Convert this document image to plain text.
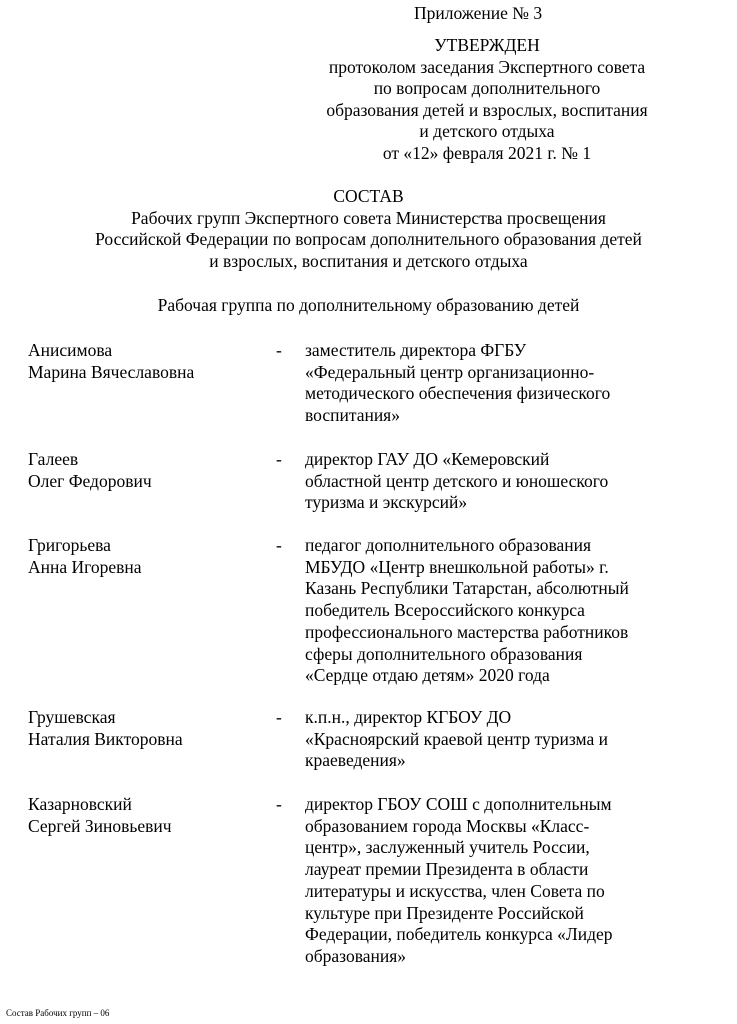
Приложение № 3
УТВЕРЖДЕН
протоколом заседания Экспертного совета
по вопросам дополнительного
образования детей и взрослых, воспитания
и детского отдыха
от «12» февраля 2021 г. № 1
СОСТАВ
Рабочих групп Экспертного совета Министерства просвещения
Российской Федерации по вопросам дополнительного образования детей
и взрослых, воспитания и детского отдыха
Рабочая группа по дополнительному образованию детей
Анисимова
Марина Вячеславовна
- заместитель директора ФГБУ
«Федеральный центр организационно-
методического обеспечения физического
воспитания»
Галеев
Олег Федорович
- директор ГАУ ДО «Кемеровский
областной центр детского и юношеского
туризма и экскурсий»
Григорьева
Анна Игоревна
- педагог дополнительного образования
МБУДО «Центр внешкольной работы» г.
Казань Республики Татарстан, абсолютный
победитель Всероссийского конкурса
профессионального мастерства работников
сферы дополнительного образования
«Сердце отдаю детям» 2020 года
Грушевская
Наталия Викторовна
- к.п.н., директор КГБОУ ДО
«Красноярский краевой центр туризма и
краеведения»
Казарновский
Сергей Зиновьевич
- директор ГБОУ СОШ с дополнительным
образованием города Москвы «Класс-
центр», заслуженный учитель России,
лауреат премии Президента в области
литературы и искусства, член Совета по
культуре при Президенте Российской
Федерации, победитель конкурса «Лидер
образования»
Состав Рабочих групп – 06
